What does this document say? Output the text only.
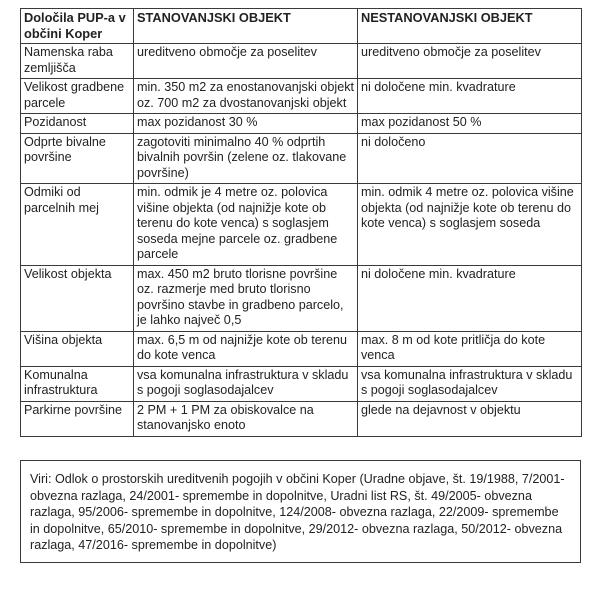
Določila PUP-a v občini Koper	STANOVANJSKI OBJEKT	NESTANOVANJSKI OBJEKT
Namenska raba zemljišča	ureditveno območje za poselitev	ureditveno območje za poselitev
Velikost gradbene parcele	min. 350 m2 za enostanovanjski objekt oz. 700 m2 za dvostanovanjski objekt	ni določene min. kvadrature
Pozidanost	max pozidanost 30 %	max pozidanost 50 %
Odprte bivalne površine	zagotoviti minimalno 40 % odprtih bivalnih površin (zelene oz. tlakovane površine)	ni določeno
Odmiki od parcelnih mej	min. odmik je 4 metre oz. polovica višine objekta (od najnižje kote ob terenu do kote venca) s soglasjem soseda mejne parcele oz. gradbene parcele	min. odmik 4 metre oz. polovica višine objekta (od najnižje kote ob terenu do kote venca) s soglasjem soseda
Velikost objekta	max. 450 m2 bruto tlorisne površine oz. razmerje med bruto tlorisno površino stavbe in gradbeno parcelo, je lahko največ 0,5	ni določene min. kvadrature
Višina objekta	max. 6,5 m od najnižje kote ob terenu do kote venca	max. 8 m od kote pritličja do kote venca
Komunalna infrastruktura	vsa komunalna infrastruktura v skladu s pogoji soglasodajalcev	vsa komunalna infrastruktura v skladu s pogoji soglasodajalcev
Parkirne površine	2 PM + 1 PM za obiskovalce na stanovanjsko enoto	glede na dejavnost v objektu
Viri: Odlok o prostorskih ureditvenih pogojih v občini Koper (Uradne objave, št. 19/1988, 7/2001- obvezna razlaga, 24/2001- spremembe in dopolnitve, Uradni list RS, št. 49/2005- obvezna razlaga, 95/2006- spremembe in dopolnitve, 124/2008- obvezna razlaga, 22/2009- spremembe in dopolnitve, 65/2010- spremembe in dopolnitve, 29/2012- obvezna razlaga, 50/2012- obvezna razlaga, 47/2016- spremembe in dopolnitve)
